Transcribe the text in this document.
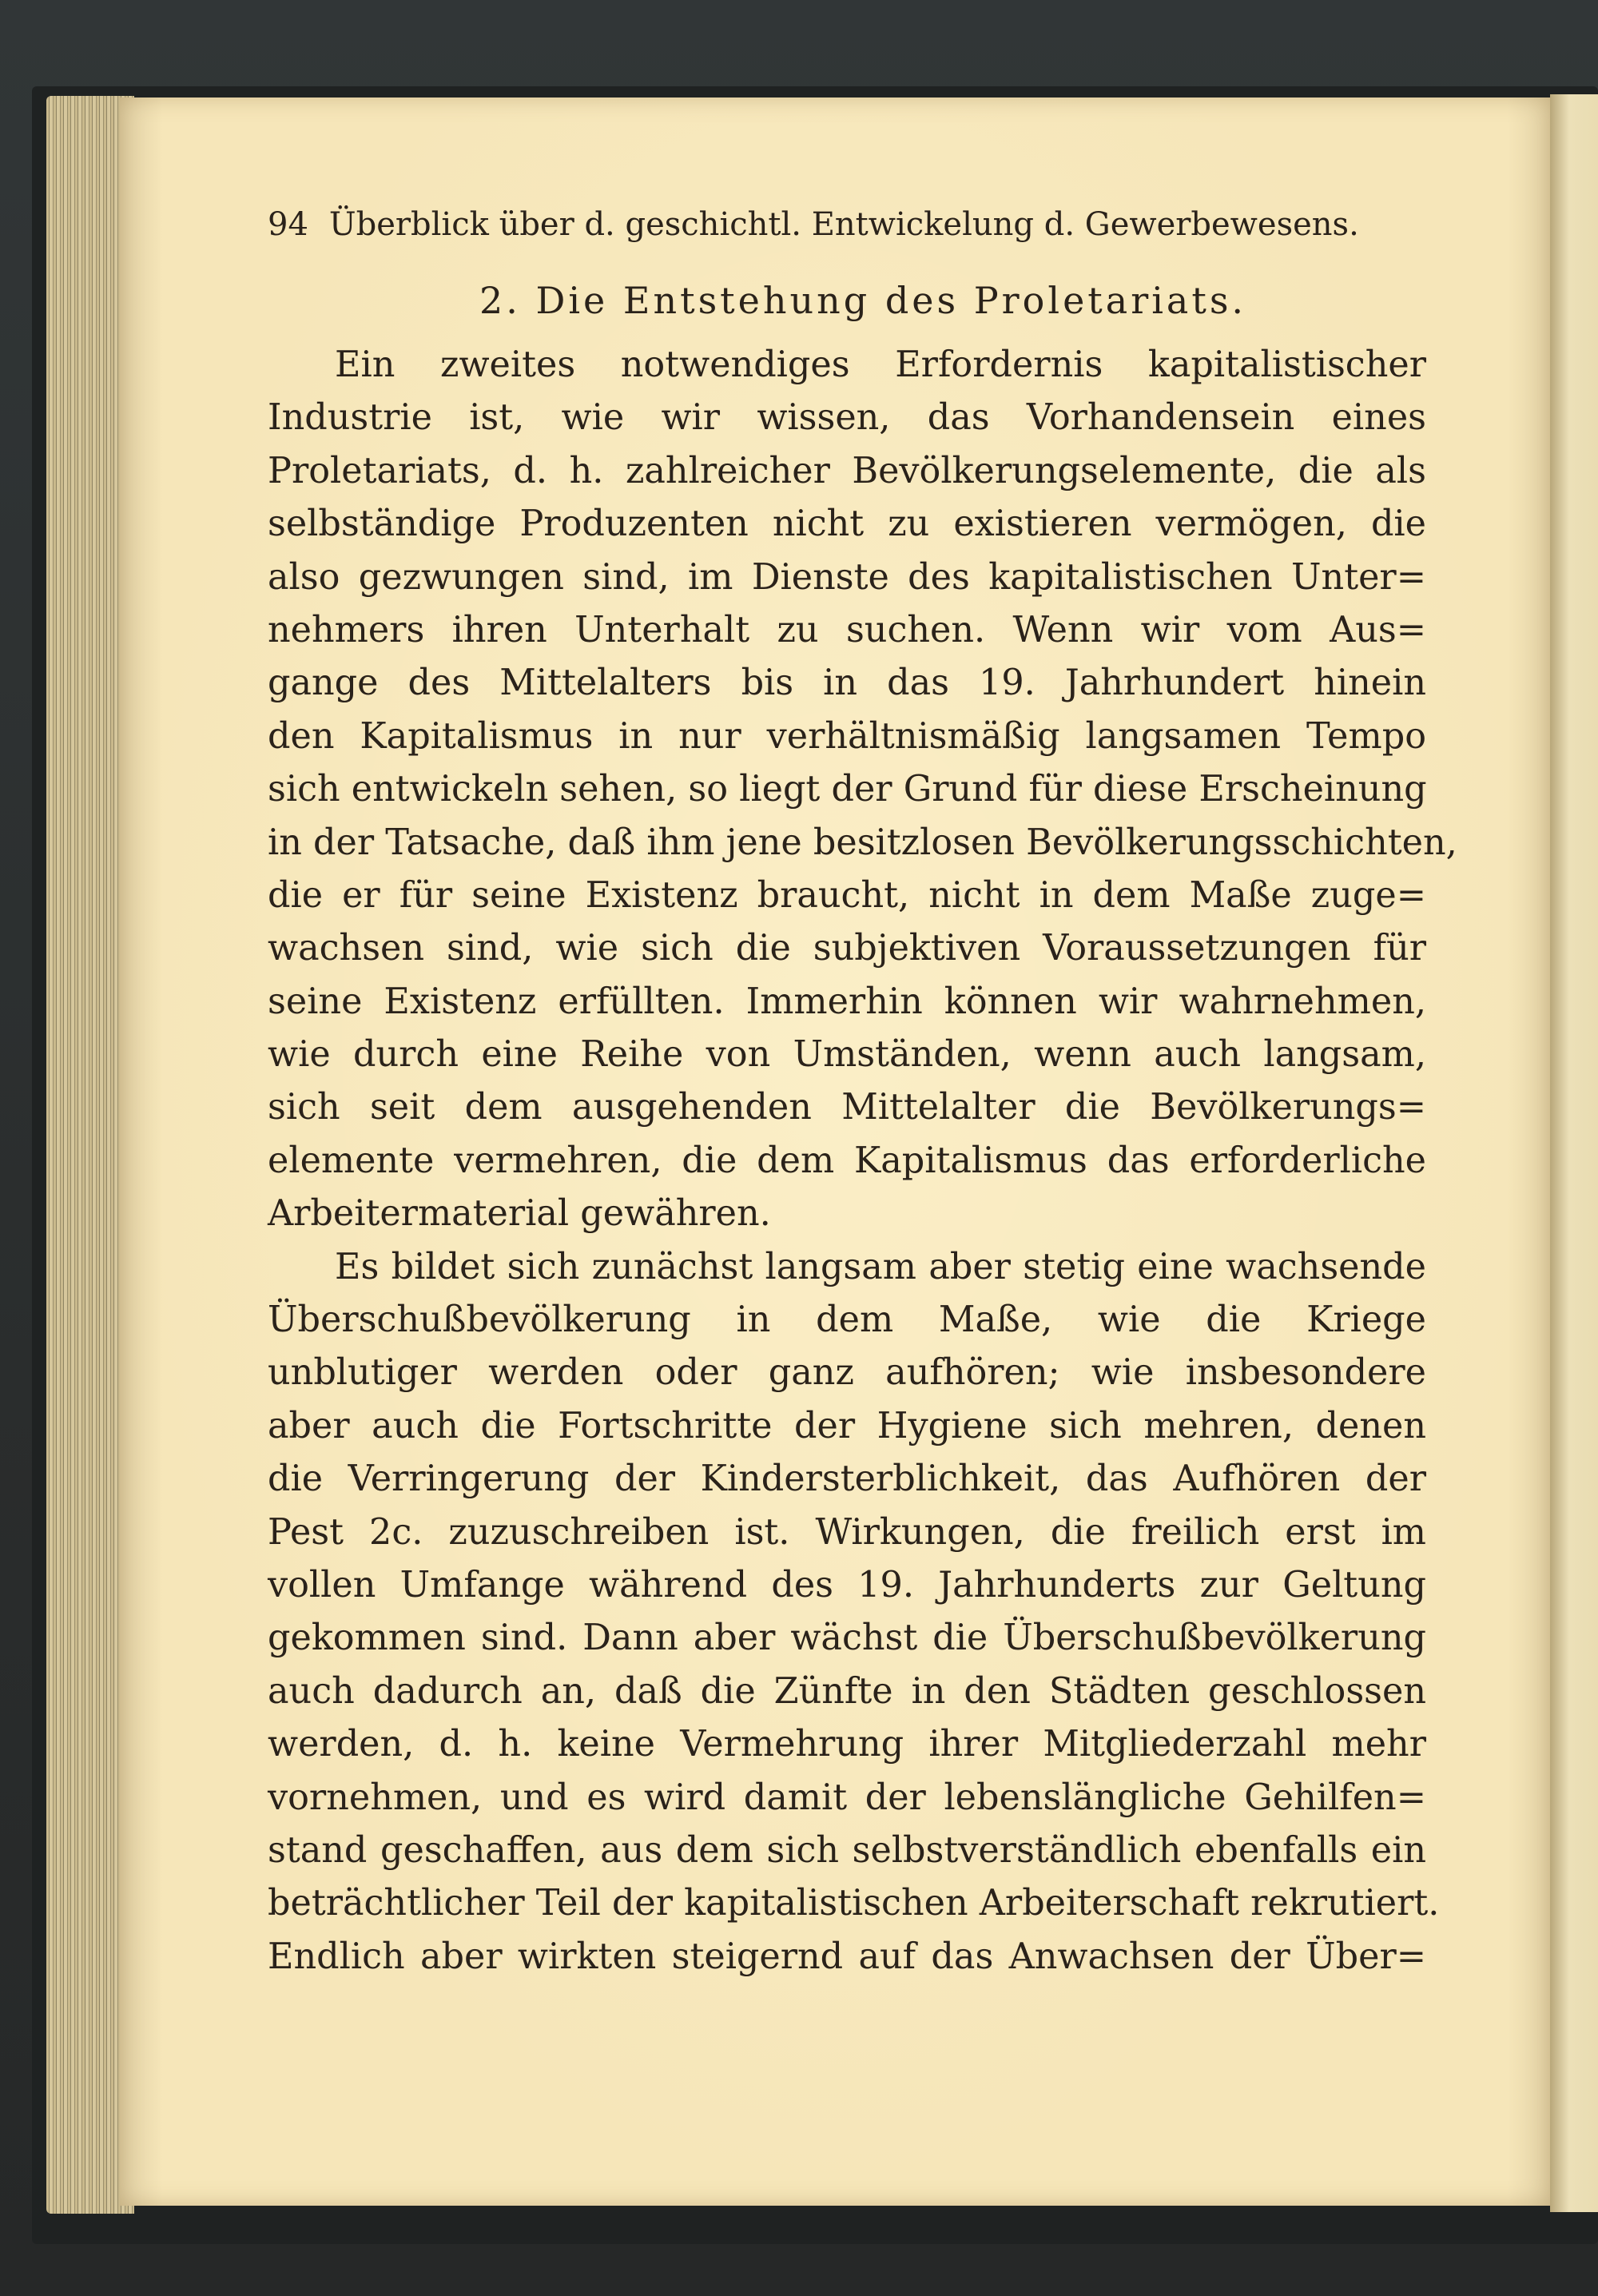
94 Überblick über d. geschichtl. Entwickelung d. Gewerbewesens.
2. Die Entstehung des Proletariats.
Ein zweites notwendiges Erfordernis kapitalistischer
Industrie ist, wie wir wissen, das Vorhandensein eines
Proletariats, d. h. zahlreicher Bevölkerungselemente, die als
selbständige Produzenten nicht zu existieren vermögen, die
also gezwungen sind, im Dienste des kapitalistischen Unter=
nehmers ihren Unterhalt zu suchen. Wenn wir vom Aus=
gange des Mittelalters bis in das 19. Jahrhundert hinein
den Kapitalismus in nur verhältnismäßig langsamen Tempo
sich entwickeln sehen, so liegt der Grund für diese Erscheinung
in der Tatsache, daß ihm jene besitzlosen Bevölkerungsschichten,
die er für seine Existenz braucht, nicht in dem Maße zuge=
wachsen sind, wie sich die subjektiven Voraussetzungen für
seine Existenz erfüllten. Immerhin können wir wahrnehmen,
wie durch eine Reihe von Umständen, wenn auch langsam,
sich seit dem ausgehenden Mittelalter die Bevölkerungs=
elemente vermehren, die dem Kapitalismus das erforderliche
Arbeitermaterial gewähren.
Es bildet sich zunächst langsam aber stetig eine wachsende
Überschußbevölkerung in dem Maße, wie die Kriege
unblutiger werden oder ganz aufhören; wie insbesondere
aber auch die Fortschritte der Hygiene sich mehren, denen
die Verringerung der Kindersterblichkeit, das Aufhören der
Pest 2c. zuzuschreiben ist. Wirkungen, die freilich erst im
vollen Umfange während des 19. Jahrhunderts zur Geltung
gekommen sind. Dann aber wächst die Überschußbevölkerung
auch dadurch an, daß die Zünfte in den Städten geschlossen
werden, d. h. keine Vermehrung ihrer Mitgliederzahl mehr
vornehmen, und es wird damit der lebenslängliche Gehilfen=
stand geschaffen, aus dem sich selbstverständlich ebenfalls ein
beträchtlicher Teil der kapitalistischen Arbeiterschaft rekrutiert.
Endlich aber wirkten steigernd auf das Anwachsen der Über=
